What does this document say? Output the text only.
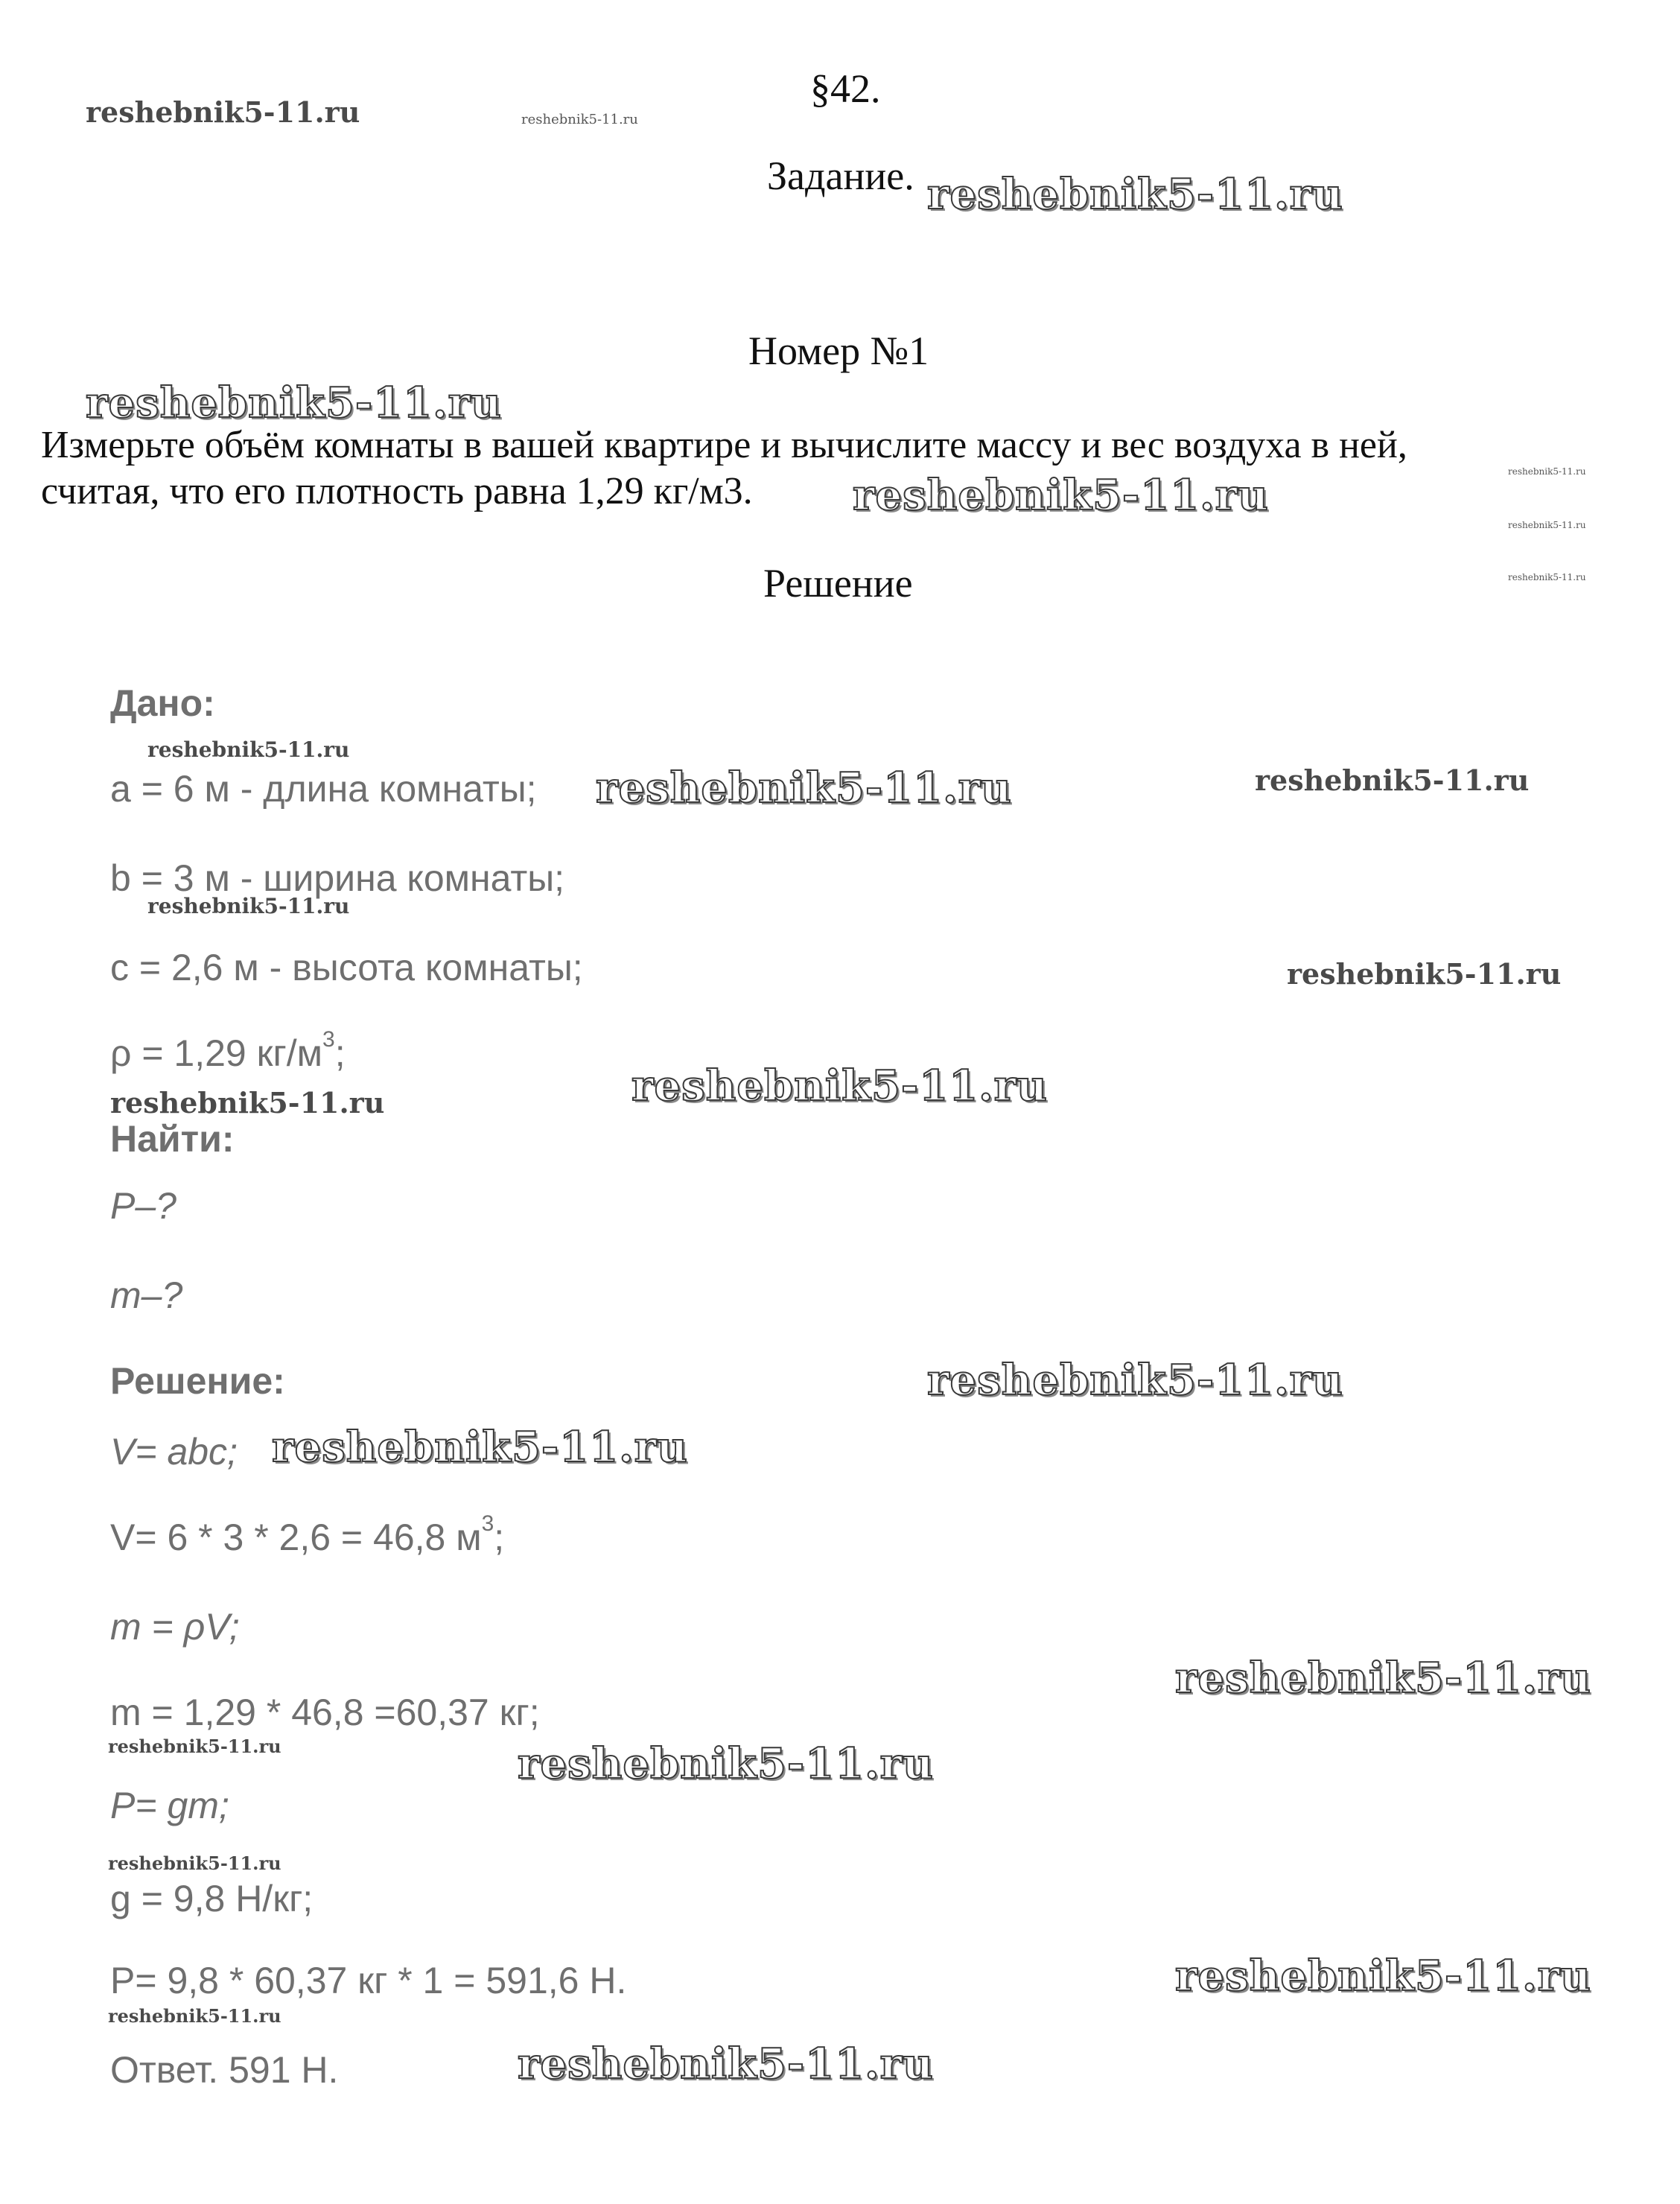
§42.
Задание.
Номер №1
Измерьте объём комнаты в вашей квартире и вычислите массу и вес воздуха в ней,
считая, что его плотность равна 1,29 кг/м3.
Решение
Дано:
a = 6 м - длина комнаты;
b = 3 м - ширина комнаты;
c = 2,6 м - высота комнаты;
ρ = 1,29 $кг/м^3$;
Найти:
P–?
m–?
Решение:
V= abc;
V= 6 * 3 * 2,6 = 46,8 $м^3$;
m = ρV;
m = 1,29 * 46,8 =60,37 кг;
P= gm;
g = 9,8 Н/кг;
P= 9,8 * 60,37 кг * 1 = 591,6 Н.
Ответ. 591 Н.
reshebnik5-11.ru	reshebnik5-11.ru
reshebnik5-11.ru
reshebnik5-11.ru
reshebnik5-11.ru	reshebnik5-11.ru
reshebnik5-11.ru
reshebnik5-11.ru
reshebnik5-11.ru
reshebnik5-11.ru	reshebnik5-11.ru
reshebnik5-11.ru
reshebnik5-11.ru
reshebnik5-11.ru
reshebnik5-11.ru
reshebnik5-11.ru
reshebnik5-11.ru
reshebnik5-11.ru
reshebnik5-11.ru	reshebnik5-11.ru
reshebnik5-11.ru
reshebnik5-11.ru
reshebnik5-11.ru
reshebnik5-11.ru
